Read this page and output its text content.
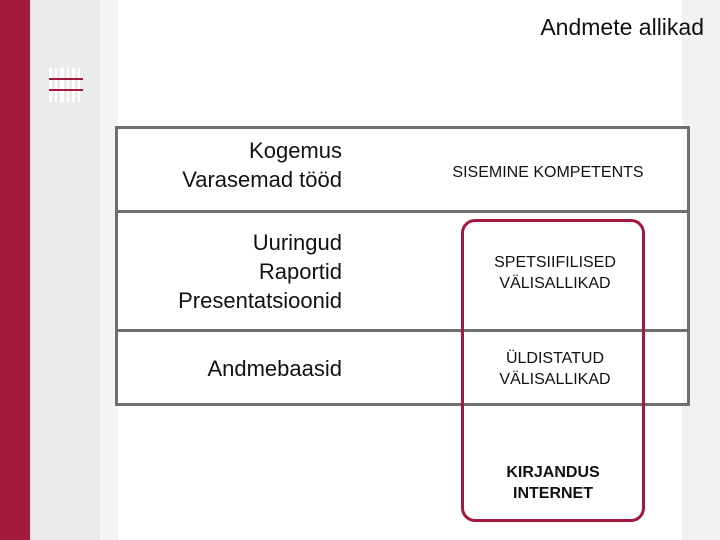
Andmete allikad
Kogemus
Varasemad tööd	SISEMINE KOMPETENTS
Uuringud
Raportid
Presentatsioonid
SPETSIIFILISED
VÄLISALLIKAD
Andmebaasid	ÜLDISTATUD
VÄLISALLIKAD
KIRJANDUS
INTERNET
